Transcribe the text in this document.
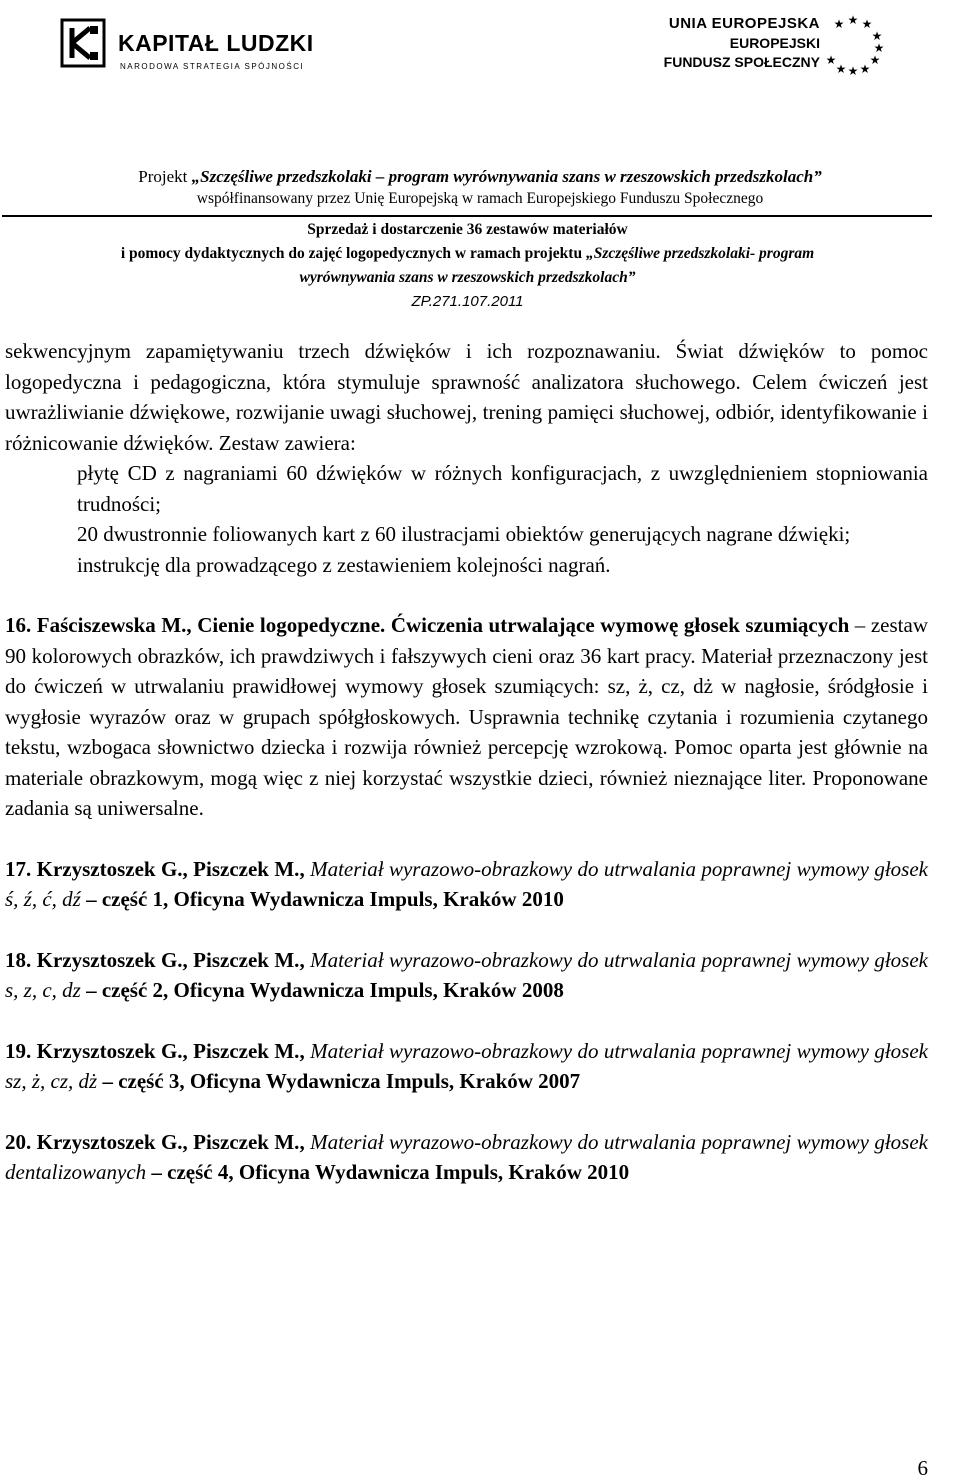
KAPITAŁ LUDZKI
NARODOWA STRATEGIA SPÓJNOŚCI
UNIA EUROPEJSKA
EUROPEJSKI
FUNDUSZ SPOŁECZNY
★ ★
★
★
★
★
★
★
★
★
Projekt „Szczęśliwe przedszkolaki – program wyrównywania szans w rzeszowskich przedszkolach”
współfinansowany przez Unię Europejską w ramach Europejskiego Funduszu Społecznego
Sprzedaż i dostarczenie 36 zestawów materiałów
i pomocy dydaktycznych do zajęć logopedycznych w ramach projektu „Szczęśliwe przedszkolaki- program
wyrównywania szans w rzeszowskich przedszkolach”
ZP.271.107.2011

sekwencyjnym zapamiętywaniu trzech dźwięków i ich rozpoznawaniu. Świat dźwięków to pomoc logopedyczna i pedagogiczna, która stymuluje sprawność analizatora słuchowego. Celem ćwiczeń jest uwrażliwianie dźwiękowe, rozwijanie uwagi słuchowej, trening pamięci słuchowej, odbiór, identyfikowanie i różnicowanie dźwięków. Zestaw zawiera:

płytę CD z nagraniami 60 dźwięków w różnych konfiguracjach, z uwzględnieniem stopniowania trudności;

20 dwustronnie foliowanych kart z 60 ilustracjami obiektów generujących nagrane dźwięki;

instrukcję dla prowadzącego z zestawieniem kolejności nagrań.

16. Faściszewska M., Cienie logopedyczne. Ćwiczenia utrwalające wymowę głosek szumiących – zestaw 90 kolorowych obrazków, ich prawdziwych i fałszywych cieni oraz 36 kart pracy. Materiał przeznaczony jest do ćwiczeń w utrwalaniu prawidłowej wymowy głosek szumiących: sz, ż, cz, dż w nagłosie, śródgłosie i wygłosie wyrazów oraz w grupach spółgłoskowych. Usprawnia technikę czytania i rozumienia czytanego tekstu, wzbogaca słownictwo dziecka i rozwija również percepcję wzrokową. Pomoc oparta jest głównie na materiale obrazkowym, mogą więc z niej korzystać wszystkie dzieci, również nieznające liter. Proponowane zadania są uniwersalne.

17. Krzysztoszek G., Piszczek M., Materiał wyrazowo-obrazkowy do utrwalania poprawnej wymowy głosek ś, ź, ć, dź – część 1, Oficyna Wydawnicza Impuls, Kraków 2010

18. Krzysztoszek G., Piszczek M., Materiał wyrazowo-obrazkowy do utrwalania poprawnej wymowy głosek s, z, c, dz – część 2, Oficyna Wydawnicza Impuls, Kraków 2008

19. Krzysztoszek G., Piszczek M., Materiał wyrazowo-obrazkowy do utrwalania poprawnej wymowy głosek sz, ż, cz, dż – część 3, Oficyna Wydawnicza Impuls, Kraków 2007

20. Krzysztoszek G., Piszczek M., Materiał wyrazowo-obrazkowy do utrwalania poprawnej wymowy głosek dentalizowanych – część 4, Oficyna Wydawnicza Impuls, Kraków 2010

6
